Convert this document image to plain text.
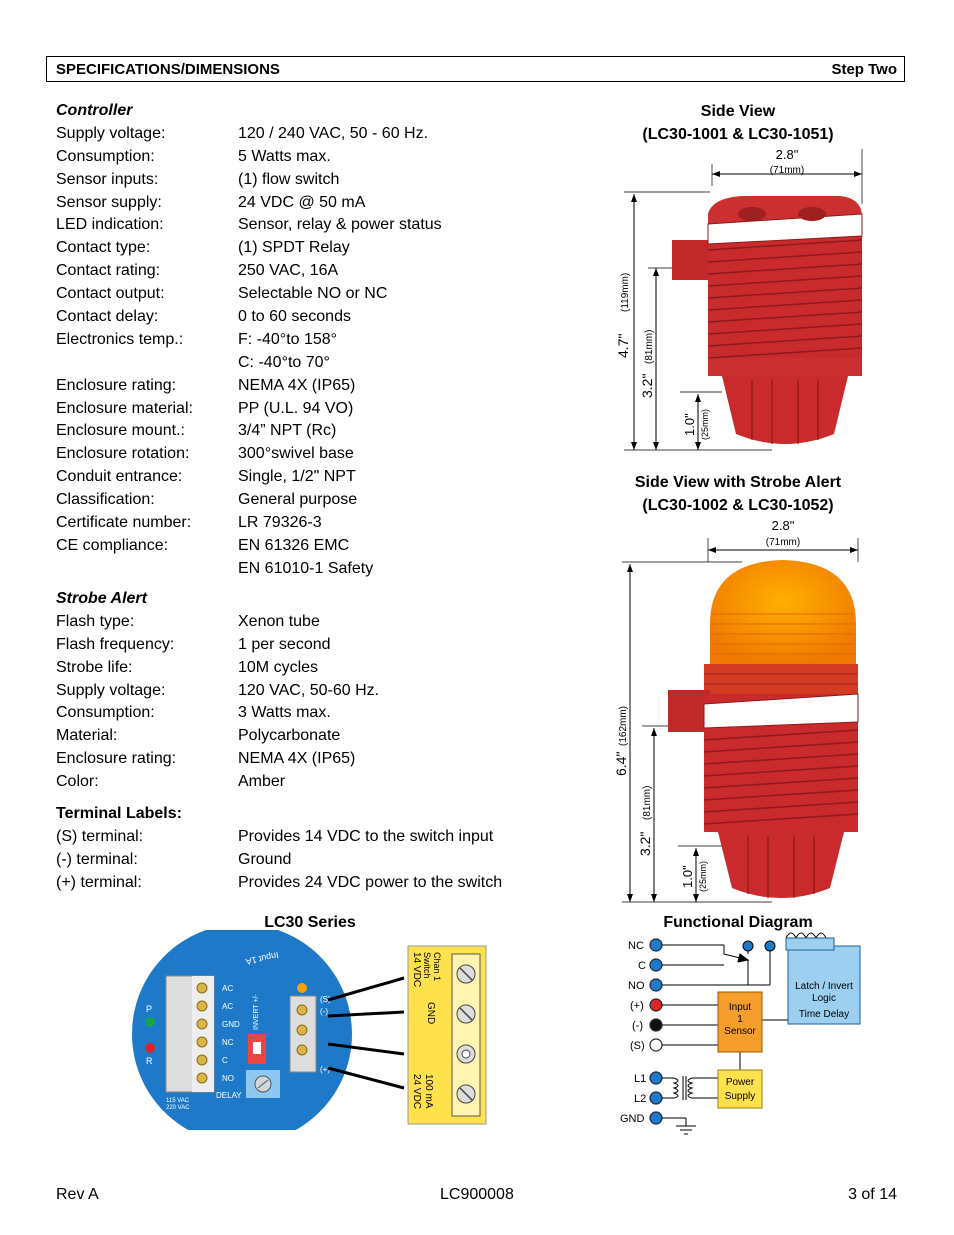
SPECIFICATIONS/DIMENSIONS	Step Two
Controller
Supply voltage:	120 / 240 VAC, 50 - 60 Hz.
Consumption:	5 Watts max.
Sensor inputs:	(1) flow switch
Sensor supply:	24 VDC @ 50 mA
LED indication:	Sensor, relay & power status
Contact type:	(1) SPDT Relay
Contact rating:	250 VAC, 16A
Contact output:	Selectable NO or NC
Contact delay:	0 to 60 seconds
Electronics temp.:	F: -40°to 158°
C: -40°to 70°
Enclosure rating:	NEMA 4X (IP65)
Enclosure material:	PP (U.L. 94 VO)
Enclosure mount.:	3/4” NPT (Rc)
Enclosure rotation:	300°swivel base
Conduit entrance:	Single, 1/2" NPT
Classification:	General purpose
Certificate number:	LR 79326-3
CE compliance:	EN 61326 EMC
EN 61010-1 Safety
Strobe Alert
Flash type:	Xenon tube
Flash frequency:	1 per second
Strobe life:	10M cycles
Supply voltage:	120 VAC, 50-60 Hz.
Consumption:	3 Watts max.
Material:	Polycarbonate
Enclosure rating:	NEMA 4X (IP65)
Color:	Amber
Terminal Labels:
(S) terminal:	Provides 14 VDC to the switch input
(-) terminal:	Ground
(+) terminal:	Provides 24 VDC power to the switch
Side View
(LC30-1001 & LC30-1051)
2.8"
(71mm)
4.7"
(119mm)
3.2"
(81mm)
1.0" (25mm)
Side View with Strobe Alert
(LC30-1002 & LC30-1052)
2.8"
(71mm)
6.4"
(162mm)
3.2"
(81mm)
1.0" (25mm)
LC30 Series
Input 1A
P
R
AC
AC
GND
NC
C
NO
115 VAC
220 VAC
DELAY
INVERT +/-	(S)
(-)
(+)
14 VDC Switch Chan 1
GND
24 VDC 100 mA
Functional Diagram
NC
C
NO
(+)
(-)
(S)
L1
L2
GND
Latch / Invert
Logic
Time Delay
Input
1
Sensor
Power
Supply
Rev A	LC900008	3 of 14
